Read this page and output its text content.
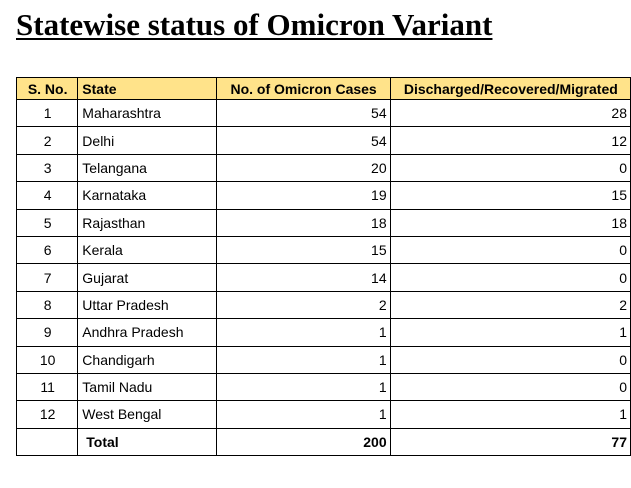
Statewise status of Omicron Variant
S. No.	State	No. of Omicron Cases	Discharged/Recovered/Migrated
1	Maharashtra	54	28
2	Delhi	54	12
3	Telangana	20	0
4	Karnataka	19	15
5	Rajasthan	18	18
6	Kerala	15	0
7	Gujarat	14	0
8	Uttar Pradesh	2	2
9	Andhra Pradesh	1	1
10	Chandigarh	1	0
11	Tamil Nadu	1	0
12	West Bengal	1	1
	Total	200	77
